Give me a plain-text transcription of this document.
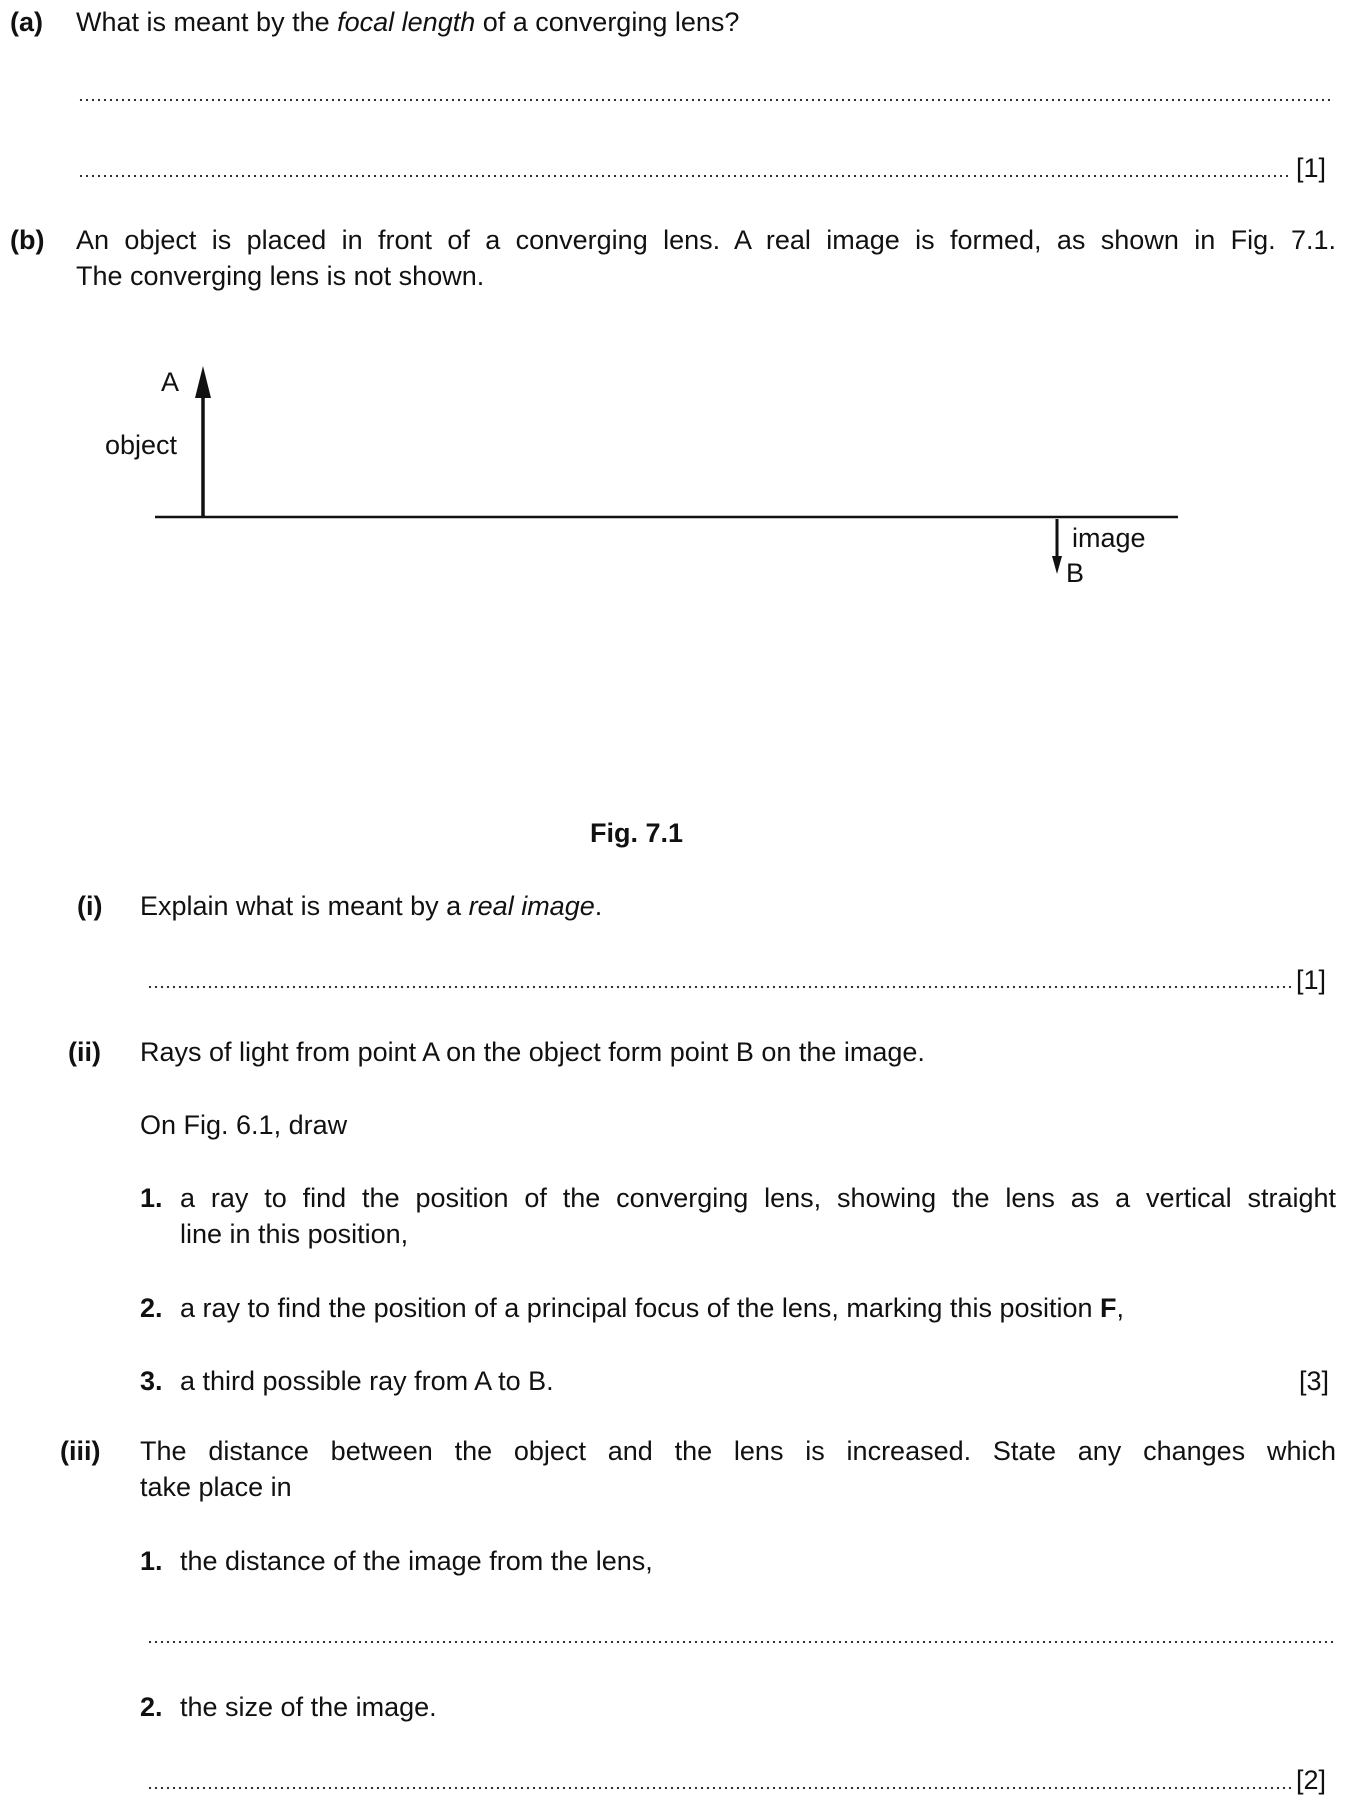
(a) What is meant by the focal length of a converging lens?
[1]
(b) An object is placed in front of a converging lens. A real image is formed, as shown in Fig. 7.1.
The converging lens is not shown.
A
object
image
B
Fig. 7.1
(i) Explain what is meant by a real image.
[1]
(ii) Rays of light from point A on the object form point B on the image.
On Fig. 6.1, draw
1. a ray to find the position of the converging lens, showing the lens as a vertical straight
line in this position,
2. a ray to find the position of a principal focus of the lens, marking this position F,
3. a third possible ray from A to B.	[3]
(iii) The distance between the object and the lens is increased. State any changes which
take place in
1. the distance of the image from the lens,
2. the size of the image.
[2]
